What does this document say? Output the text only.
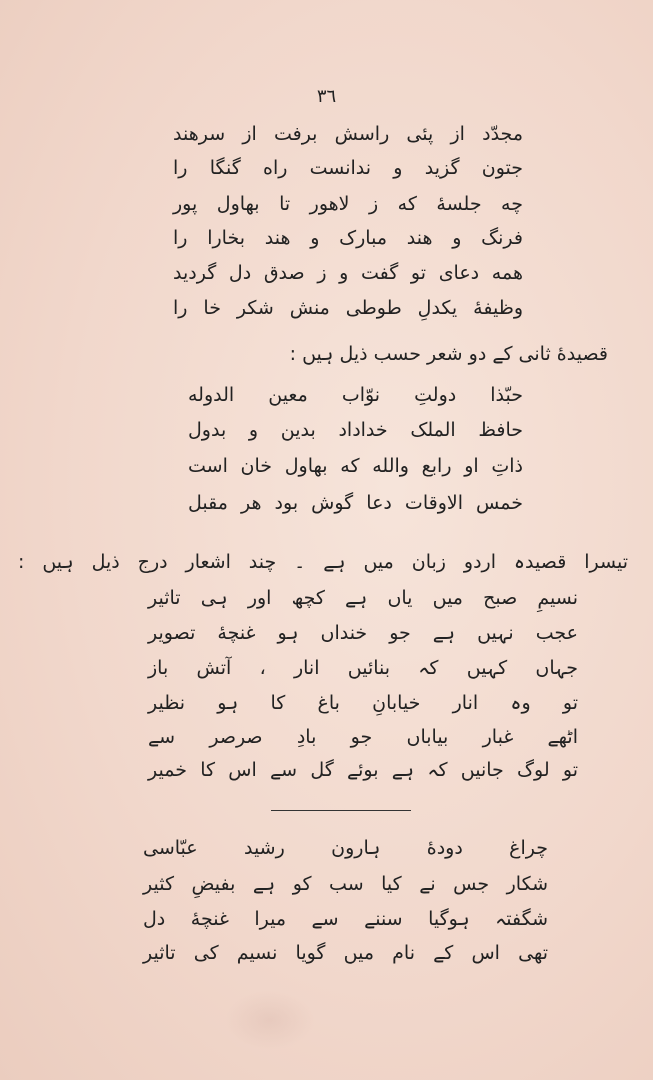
٣٦
مجدّد از پئی راسش برفت از سرهند
جتون گزید و ندانست راه گنگا را
چه جلسهٔ که ز لاهور تا بهاول پور
فرنگ و هند مبارک و هند بخارا را
همه دعای تو گفت و ز صدق دل گردید
وظیفهٔ یکدلِ طوطی منش شکر خا را
قصیدهٔ ثانی کے دو شعر حسب ذیل ہیں :
حبّذا دولتِ نوّاب معین الدوله
حافظ الملک خداداد بدین و بدول
ذاتِ او رابع والله که بهاول خان است
خمس الاوقات دعا گوش بود هر مقبل
تیسرا قصیدہ اردو زبان میں ہے ۔ چند اشعار درج ذیل ہیں :
نسیمِ صبح میں یاں ہے کچھ اور ہی تاثیر
عجب نہیں ہے جو خنداں ہو غنچهٔ تصویر
جہاں کہیں کہ بنائیں انار ، آتش باز
تو وہ انار خیابانِ باغ کا ہو نظیر
اٹھے غبار بیاباں جو بادِ صرصر سے
تو لوگ جانیں کہ ہے بوئے گل سے اس کا خمیر
چراغ دودهٔ ہارون رشید عبّاسی
شکار جس نے کیا سب کو ہے بفیضِ کثیر
شگفتہ ہوگیا سننے سے میرا غنچهٔ دل
تھی اس کے نام میں گویا نسیم کی تاثیر
